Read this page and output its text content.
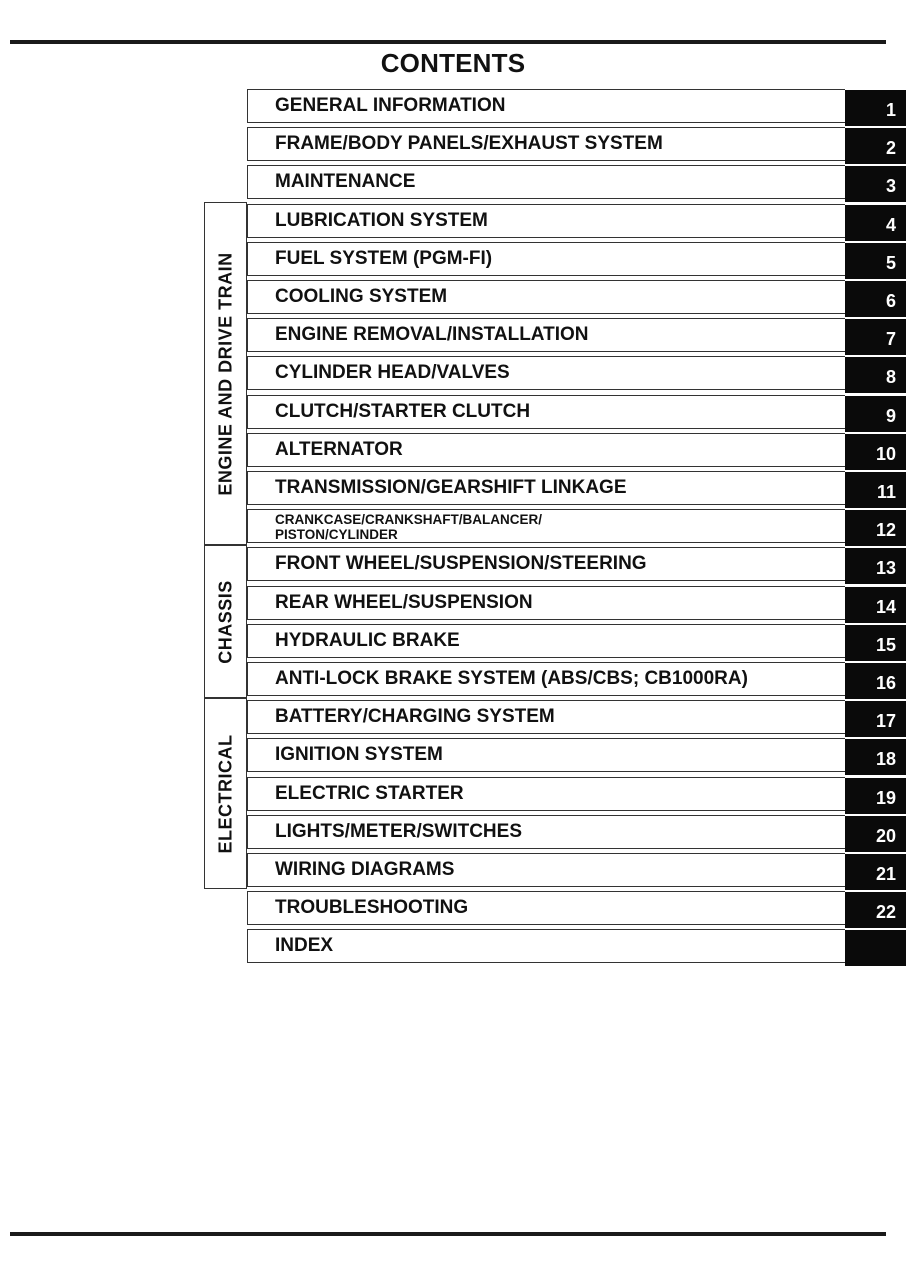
CONTENTS
ENGINE AND DRIVE TRAIN
CHASSIS
ELECTRICAL
GENERAL INFORMATION	1
FRAME/BODY PANELS/EXHAUST SYSTEM	2
MAINTENANCE	3
LUBRICATION SYSTEM	4
FUEL SYSTEM (PGM-FI)	5
COOLING SYSTEM	6
ENGINE REMOVAL/INSTALLATION	7
CYLINDER HEAD/VALVES	8
CLUTCH/STARTER CLUTCH	9
ALTERNATOR	10
TRANSMISSION/GEARSHIFT LINKAGE	11
CRANKCASE/CRANKSHAFT/BALANCER/
PISTON/CYLINDER	12
FRONT WHEEL/SUSPENSION/STEERING	13
REAR WHEEL/SUSPENSION	14
HYDRAULIC BRAKE	15
ANTI-LOCK BRAKE SYSTEM (ABS/CBS; CB1000RA)	16
BATTERY/CHARGING SYSTEM	17
IGNITION SYSTEM	18
ELECTRIC STARTER	19
LIGHTS/METER/SWITCHES	20
WIRING DIAGRAMS	21
TROUBLESHOOTING	22
INDEX
